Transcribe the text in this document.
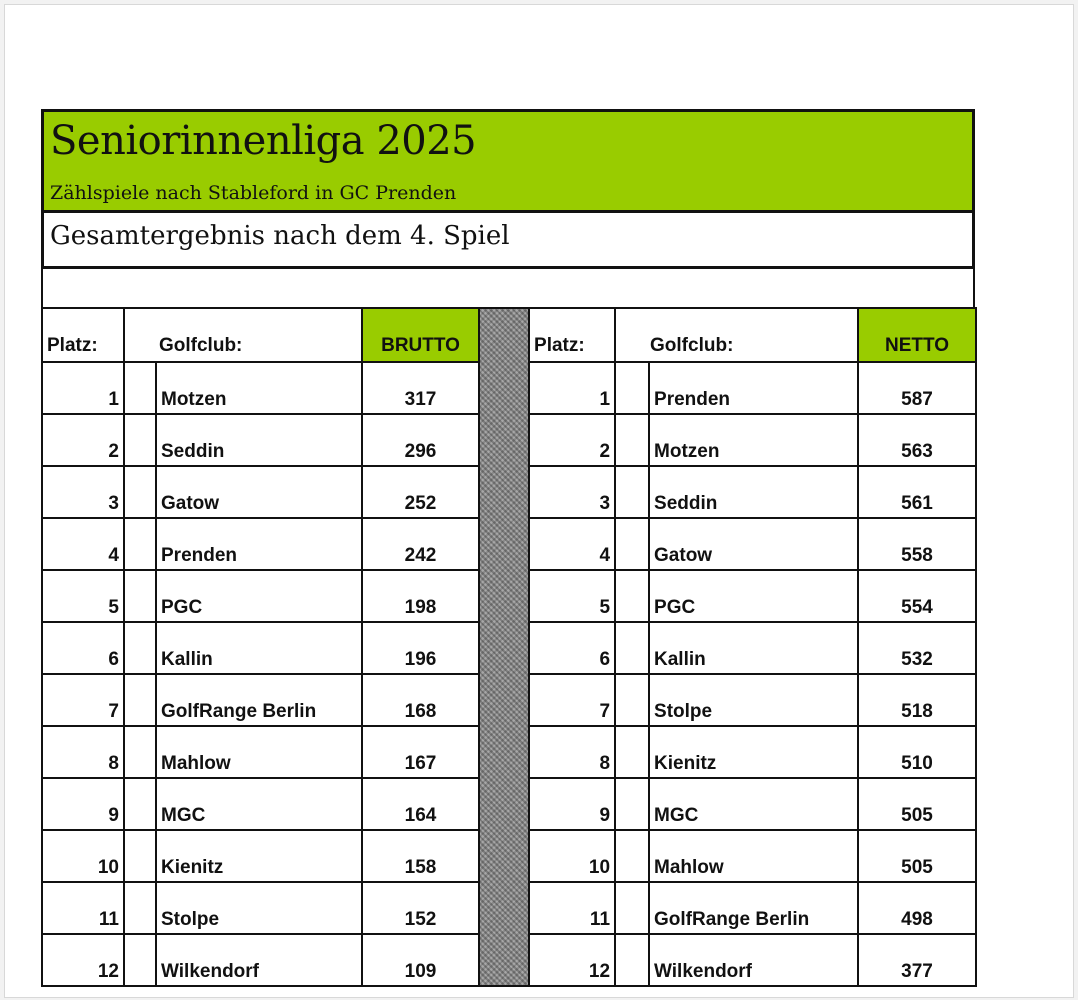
Seniorinnenliga 2025
Zählspiele nach Stableford in GC Prenden
Gesamtergebnis nach dem 4. Spiel
Platz:	Golfclub:		BRUTTO		Platz:	Golfclub:		NETTO
1		Motzen	317		1		Prenden	587
2		Seddin	296		2		Motzen	563
3		Gatow	252		3		Seddin	561
4		Prenden	242		4		Gatow	558
5		PGC	198		5		PGC	554
6		Kallin	196		6		Kallin	532
7		GolfRange Berlin	168		7		Stolpe	518
8		Mahlow	167		8		Kienitz	510
9		MGC	164		9		MGC	505
10		Kienitz	158		10		Mahlow	505
11		Stolpe	152		11		GolfRange Berlin	498
12		Wilkendorf	109		12		Wilkendorf	377
